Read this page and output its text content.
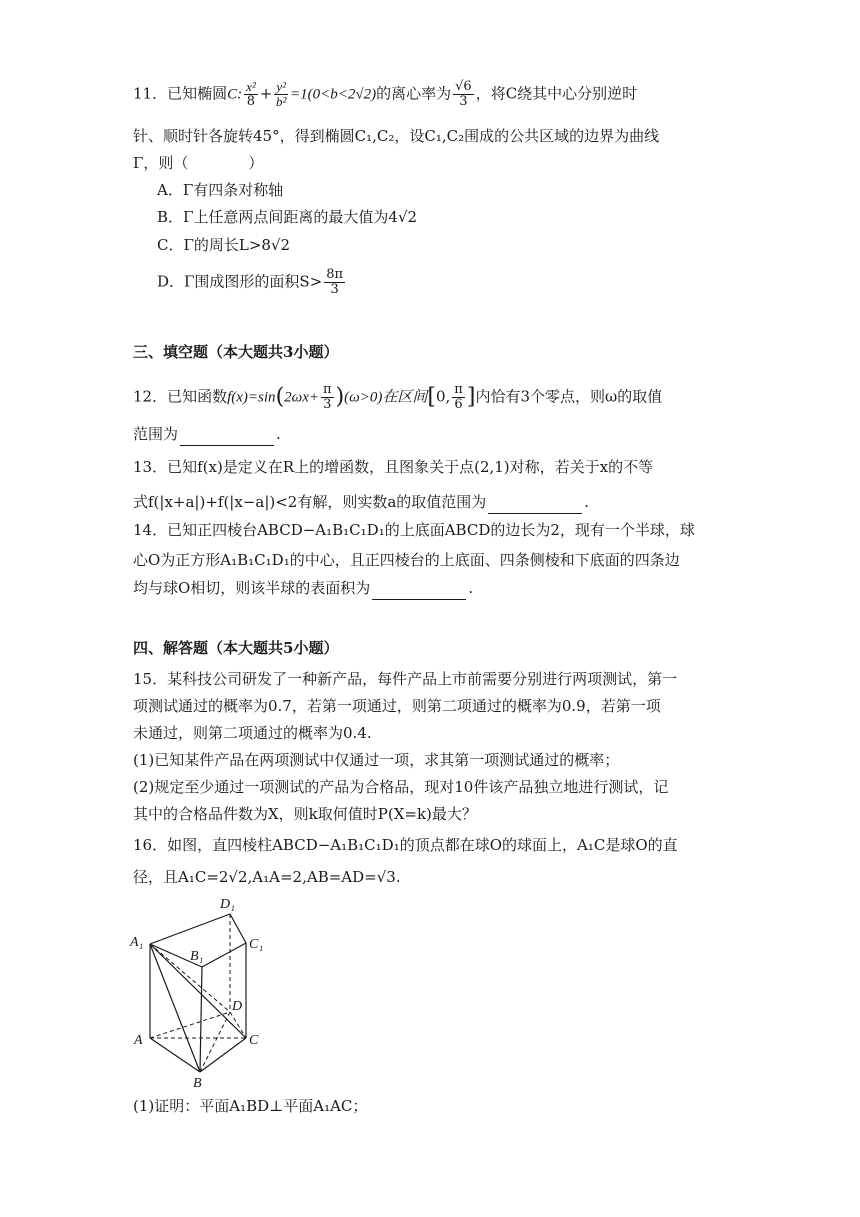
11．已知椭圆C: $\frac{\text{x²}}{8} + \frac{\text{y²}}{\text{b²}} =1(0<b<2√2)$的离心率为 $\frac{√6}{3}$ ，将C绕其中心分别逆时
针、顺时针各旋转45°，得到椭圆C₁,C₂，设C₁,C₂围成的公共区域的边界为曲线
Γ，则（　　　　）
A．Γ有四条对称轴
B．Γ上任意两点间距离的最大值为4√2
C．Γ的周长L>8√2
D．Γ围成图形的面积$S> \frac{8\pi}{3}$
三、填空题（本大题共3小题）
12．已知函数$f(x)=\sin(2\omega x+ \frac{\pi}{3} )(\omega>0)$在区间[0, $\frac{\pi}{6}$ ]内恰有3个零点，则ω的取值
范围为	.
13．已知f(x)是定义在R上的增函数，且图象关于点(2,1)对称，若关于x的不等
式f(|x+a|)+f(|x−a|)<2有解，则实数a的取值范围为	.
14．已知正四棱台ABCD−A₁B₁C₁D₁的上底面ABCD的边长为2，现有一个半球，球
心O为正方形A₁B₁C₁D₁的中心，且正四棱台的上底面、四条侧棱和下底面的四条边
均与球O相切，则该半球的表面积为	.
四、解答题（本大题共5小题）
15．某科技公司研发了一种新产品，每件产品上市前需要分别进行两项测试，第一
项测试通过的概率为0.7，若第一项通过，则第二项通过的概率为0.9，若第一项
未通过，则第二项通过的概率为0.4.
(1)已知某件产品在两项测试中仅通过一项，求其第一项测试通过的概率；
(2)规定至少通过一项测试的产品为合格品，现对10件该产品独立地进行测试，记
其中的合格品件数为X，则k取何值时P(X=k)最大？
16．如图，直四棱柱ABCD−A₁B₁C₁D₁的顶点都在球O的球面上，A₁C是球O的直
径，且A₁C=2√2,A₁A=2,AB=AD=√3.
D₁
A₁
B₁
C₁
D
A	C
B
(1)证明：平面A₁BD⊥平面A₁AC；
